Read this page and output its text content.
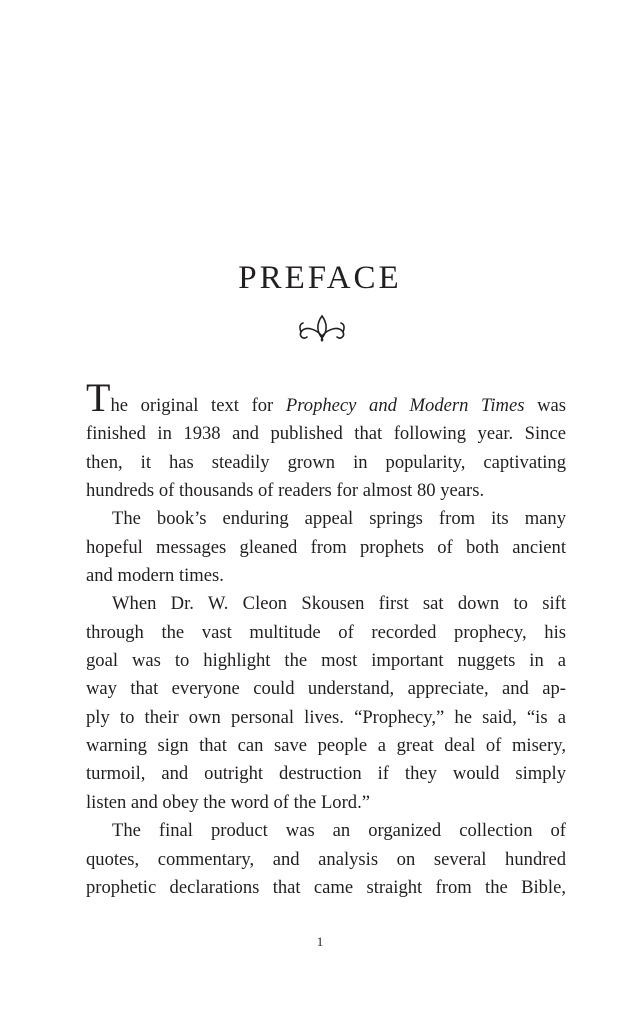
PREFACE
The original text for Prophecy and Modern Times was
finished in 1938 and published that following year. Since
then, it has steadily grown in popularity, captivating
hundreds of thousands of readers for almost 80 years.
The book’s enduring appeal springs from its many
hopeful messages gleaned from prophets of both ancient
and modern times.
When Dr. W. Cleon Skousen first sat down to sift
through the vast multitude of recorded prophecy, his
goal was to highlight the most important nuggets in a
way that everyone could understand, appreciate, and ap-
ply to their own personal lives. “Prophecy,” he said, “is a
warning sign that can save people a great deal of misery,
turmoil, and outright destruction if they would simply
listen and obey the word of the Lord.”
The final product was an organized collection of
quotes, commentary, and analysis on several hundred
prophetic declarations that came straight from the Bible,
1
